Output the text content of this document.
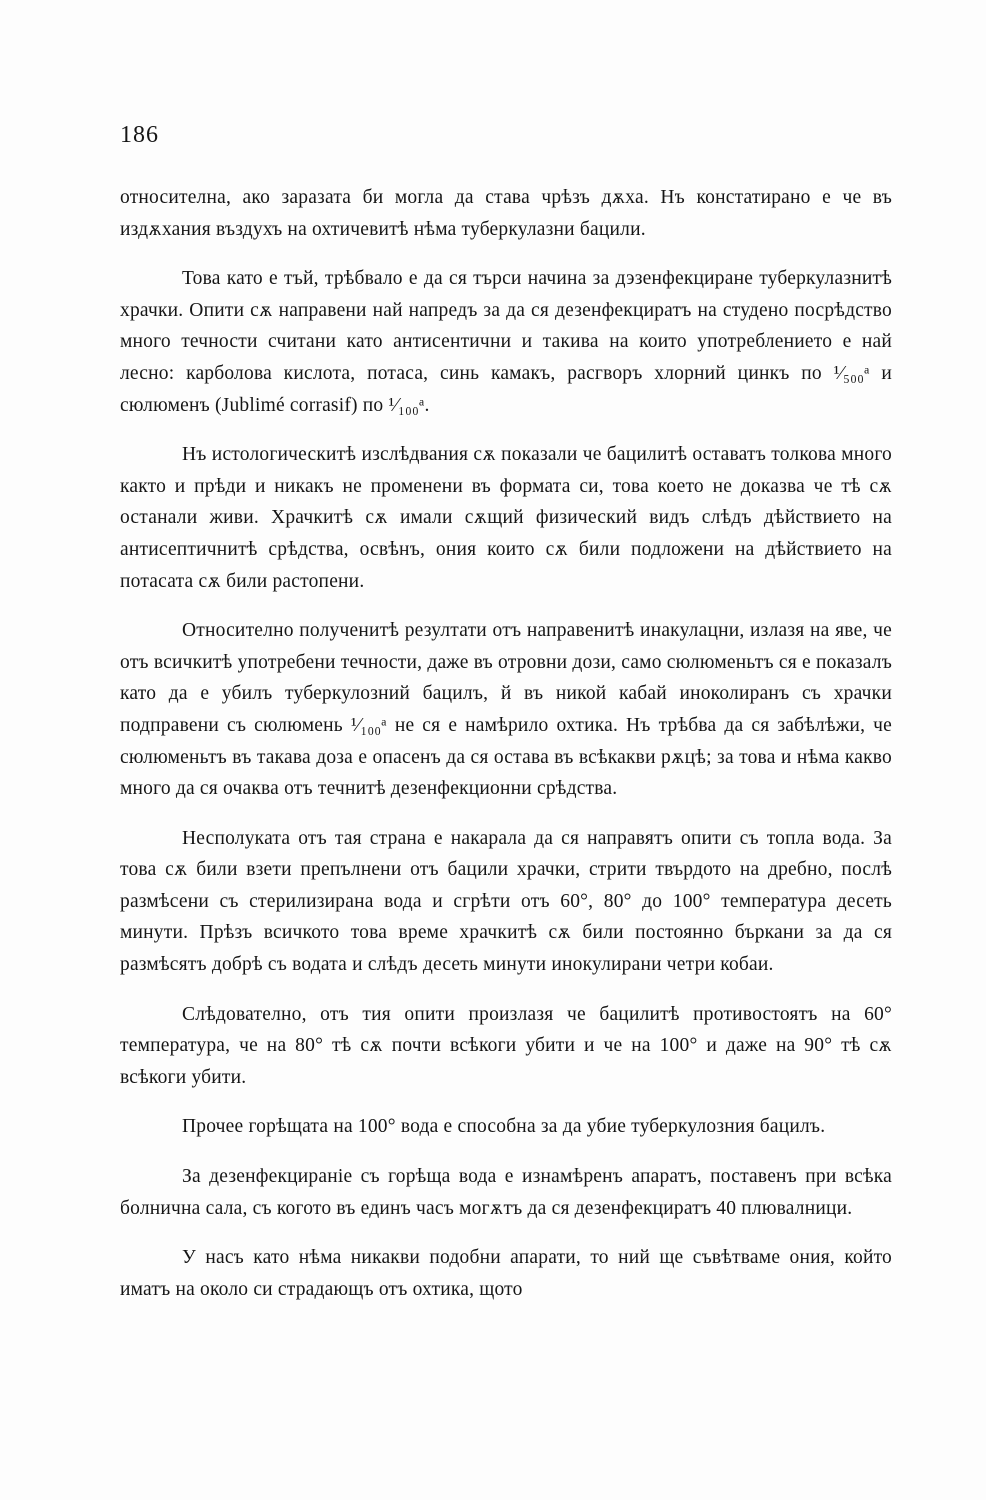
186

относителна, ако заразата би могла да става чрѣзъ дѫха. Нъ констатирано е че въ издѫхания въздухъ на охтичевитѣ нѣма туберкулазни бацили.

Това като е тъй, трѣбвало е да ся търси начина за дэзенфекциране туберкулазнитѣ храчки. Опити сѫ направени най напредъ за да ся дезенфекциратъ на студено посрѣдство много течности считани като антисентични и такива на които употреблението е най лесно: карболова кислота, потаса, синь камакъ, расгворъ хлорний цинкъ по ¹⁄₅₀₀ᵃ и сюлюменъ (Jublimé corrasif) по ¹⁄₁₀₀ᵃ.

Нъ истологическитѣ изслѣдвания сѫ показали че бацилитѣ оставатъ толкова много както и прѣди и никакъ не променени въ формата си, това което не доказва че тѣ сѫ останали живи. Храчкитѣ сѫ имали сѫщий физический видъ слѣдъ дѣйствието на антисептичнитѣ срѣдства, освѣнъ, ония които сѫ били подложени на дѣйствието на потасата сѫ били растопени.

Относително полученитѣ резултати отъ направенитѣ инакулацни, излазя на яве, че отъ всичкитѣ употребени течности, даже въ отровни дози, само сюлюменьтъ ся е показалъ като да е убилъ туберкулозний бацилъ, й въ никой кабай иноколиранъ съ храчки подправени съ сюлюмень ¹⁄₁₀₀ᵃ не ся е намѣрило охтика. Нъ трѣбва да ся забѣлѣжи, че сюлюменьтъ въ такава доза е опасенъ да ся остава въ всѣкакви рѫцѣ; за това и нѣма какво много да ся очаква отъ течнитѣ дезенфекционни срѣдства.

Несполуката отъ тая страна е накарала да ся направятъ опити съ топла вода. За това сѫ били взети препълнени отъ бацили храчки, стрити твърдото на дребно, послѣ размѣсени съ стерилизирана вода и сгрѣти отъ 60°, 80° до 100° температура десеть минути. Прѣзъ всичкото това време храчкитѣ сѫ били постоянно бъркани за да ся размѣсятъ добрѣ съ водата и слѣдъ десеть минути инокулирани четри кобаи.

Слѣдователно, отъ тия опити произлазя че бацилитѣ противостоятъ на 60° температура, че на 80° тѣ сѫ почти всѣкоги убити и че на 100° и даже на 90° тѣ сѫ всѣкоги убити.

Прочее горѣщата на 100° вода е способна за да убие туберкулозния бацилъ.

За дезенфекциранie съ горѣща вода е изнамѣренъ апаратъ, поставенъ при всѣка болнична сала, съ когото въ единъ часъ могѫтъ да ся дезенфекциратъ 40 плювалници.

У насъ като нѣма никакви подобни апарати, то ний ще съвѣтваме ония, който иматъ на около си страдающъ отъ охтика, щото
